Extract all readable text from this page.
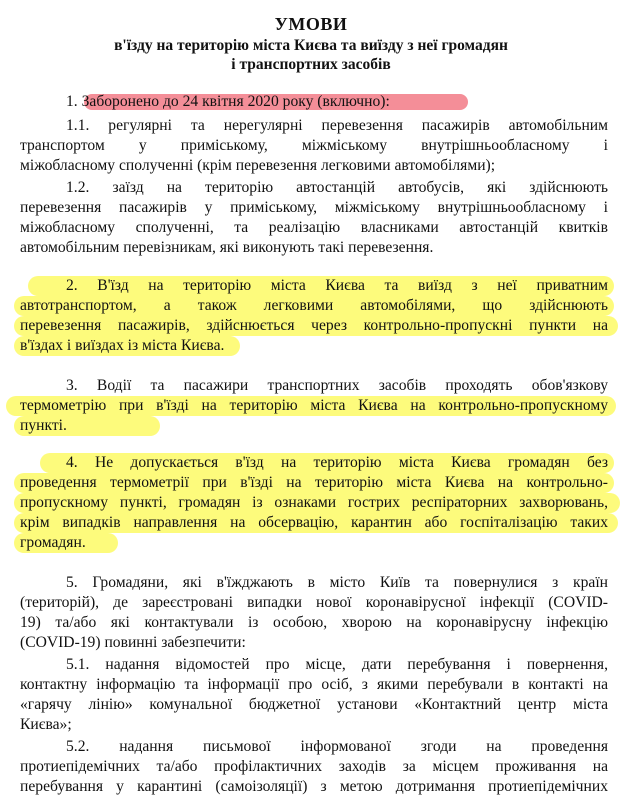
УМОВИ
в'їзду на територію міста Києва та виїзду з неї громадян
і транспортних засобів
1. Заборонено до 24 квітня 2020 року (включно):
1.1. регулярні та нерегулярні перевезення пасажирів автомобільним
транспортом у приміському, міжміському внутрішньообласному і
міжобласному сполученні (крім перевезення легковими автомобілями);
1.2. заїзд на територію автостанцій автобусів, які здійснюють
перевезення пасажирів у приміському, міжміському внутрішньообласному і
міжобласному сполученні, та реалізацію власниками автостанцій квитків
автомобільним перевізникам, які виконують такі перевезення.
2. В'їзд на територію міста Києва та виїзд з неї приватним
автотранспортом, а також легковими автомобілями, що здійснюють
перевезення пасажирів, здійснюється через контрольно-пропускні пункти на
в'їздах і виїздах із міста Києва.
3. Водії та пасажири транспортних засобів проходять обов'язкову
термометрію при в'їзді на територію міста Києва на контрольно-пропускному
пункті.
4. Не допускається в'їзд на територію міста Києва громадян без
проведення термометрії при в'їзді на територію міста Києва на контрольно-
пропускному пункті, громадян із ознаками гострих респіраторних захворювань,
крім випадків направлення на обсервацію, карантин або госпіталізацію таких
громадян.
5. Громадяни, які в'їжджають в місто Київ та повернулися з країн
(територій), де зареєстровані випадки нової коронавірусної інфекції (COVID-
19) та/або які контактували із особою, хворою на коронавірусну інфекцію
(COVID-19) повинні забезпечити:
5.1. надання відомостей про місце, дати перебування і повернення,
контактну інформацію та інформації про осіб, з якими перебували в контакті на
«гарячу лінію» комунальної бюджетної установи «Контактний центр міста
Києва»;
5.2. надання письмової інформованої згоди на проведення
протиепідемічних та/або профілактичних заходів за місцем проживання на
перебування у карантині (самоізоляції) з метою дотримання протиепідемічних
